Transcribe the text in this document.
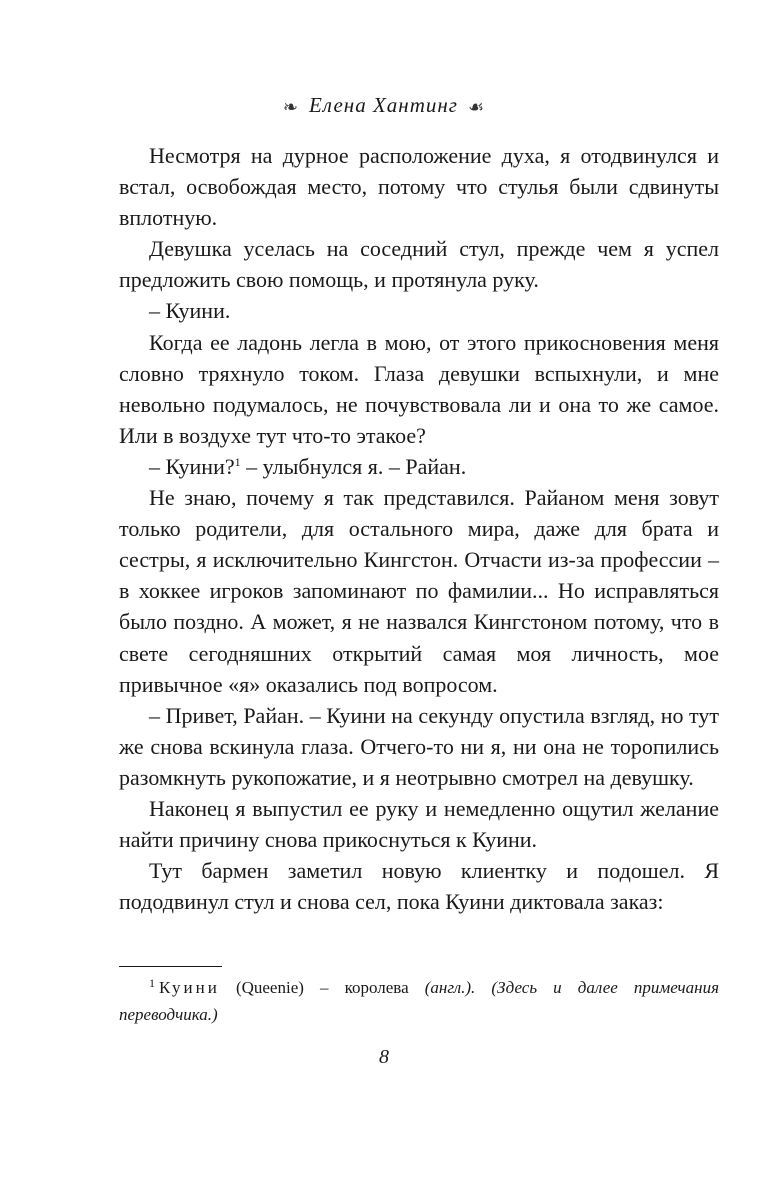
❧ Елена Хантинг ☙

Несмотря на дурное расположение духа, я отодвинулся и встал, освобождая место, потому что стулья были сдвинуты вплотную.

Девушка уселась на соседний стул, прежде чем я успел предложить свою помощь, и протянула руку.

– Куини.

Когда ее ладонь легла в мою, от этого прикосновения меня словно тряхнуло током. Глаза девушки вспыхнули, и мне невольно подумалось, не почувствовала ли и она то же самое. Или в воздухе тут что-то этакое?

– Куини?$^1$ – улыбнулся я. – Райан.

Не знаю, почему я так представился. Райаном меня зовут только родители, для остального мира, даже для брата и сестры, я исключительно Кингстон. Отчасти из-за профессии – в хоккее игроков запоминают по фамилии... Но исправляться было поздно. А может, я не назвался Кингстоном потому, что в свете сегодняшних открытий самая моя личность, мое привычное «я» оказались под вопросом.

– Привет, Райан. – Куини на секунду опустила взгляд, но тут же снова вскинула глаза. Отчего-то ни я, ни она не торопились разомкнуть рукопожатие, и я неотрывно смотрел на девушку.

Наконец я выпустил ее руку и немедленно ощутил желание найти причину снова прикоснуться к Куини.

Тут бармен заметил новую клиентку и подошел. Я пододвинул стул и снова сел, пока Куини диктовала заказ:

$^1$ Куини (Queenie) – королева (англ.). (Здесь и далее примечания переводчика.)
8
